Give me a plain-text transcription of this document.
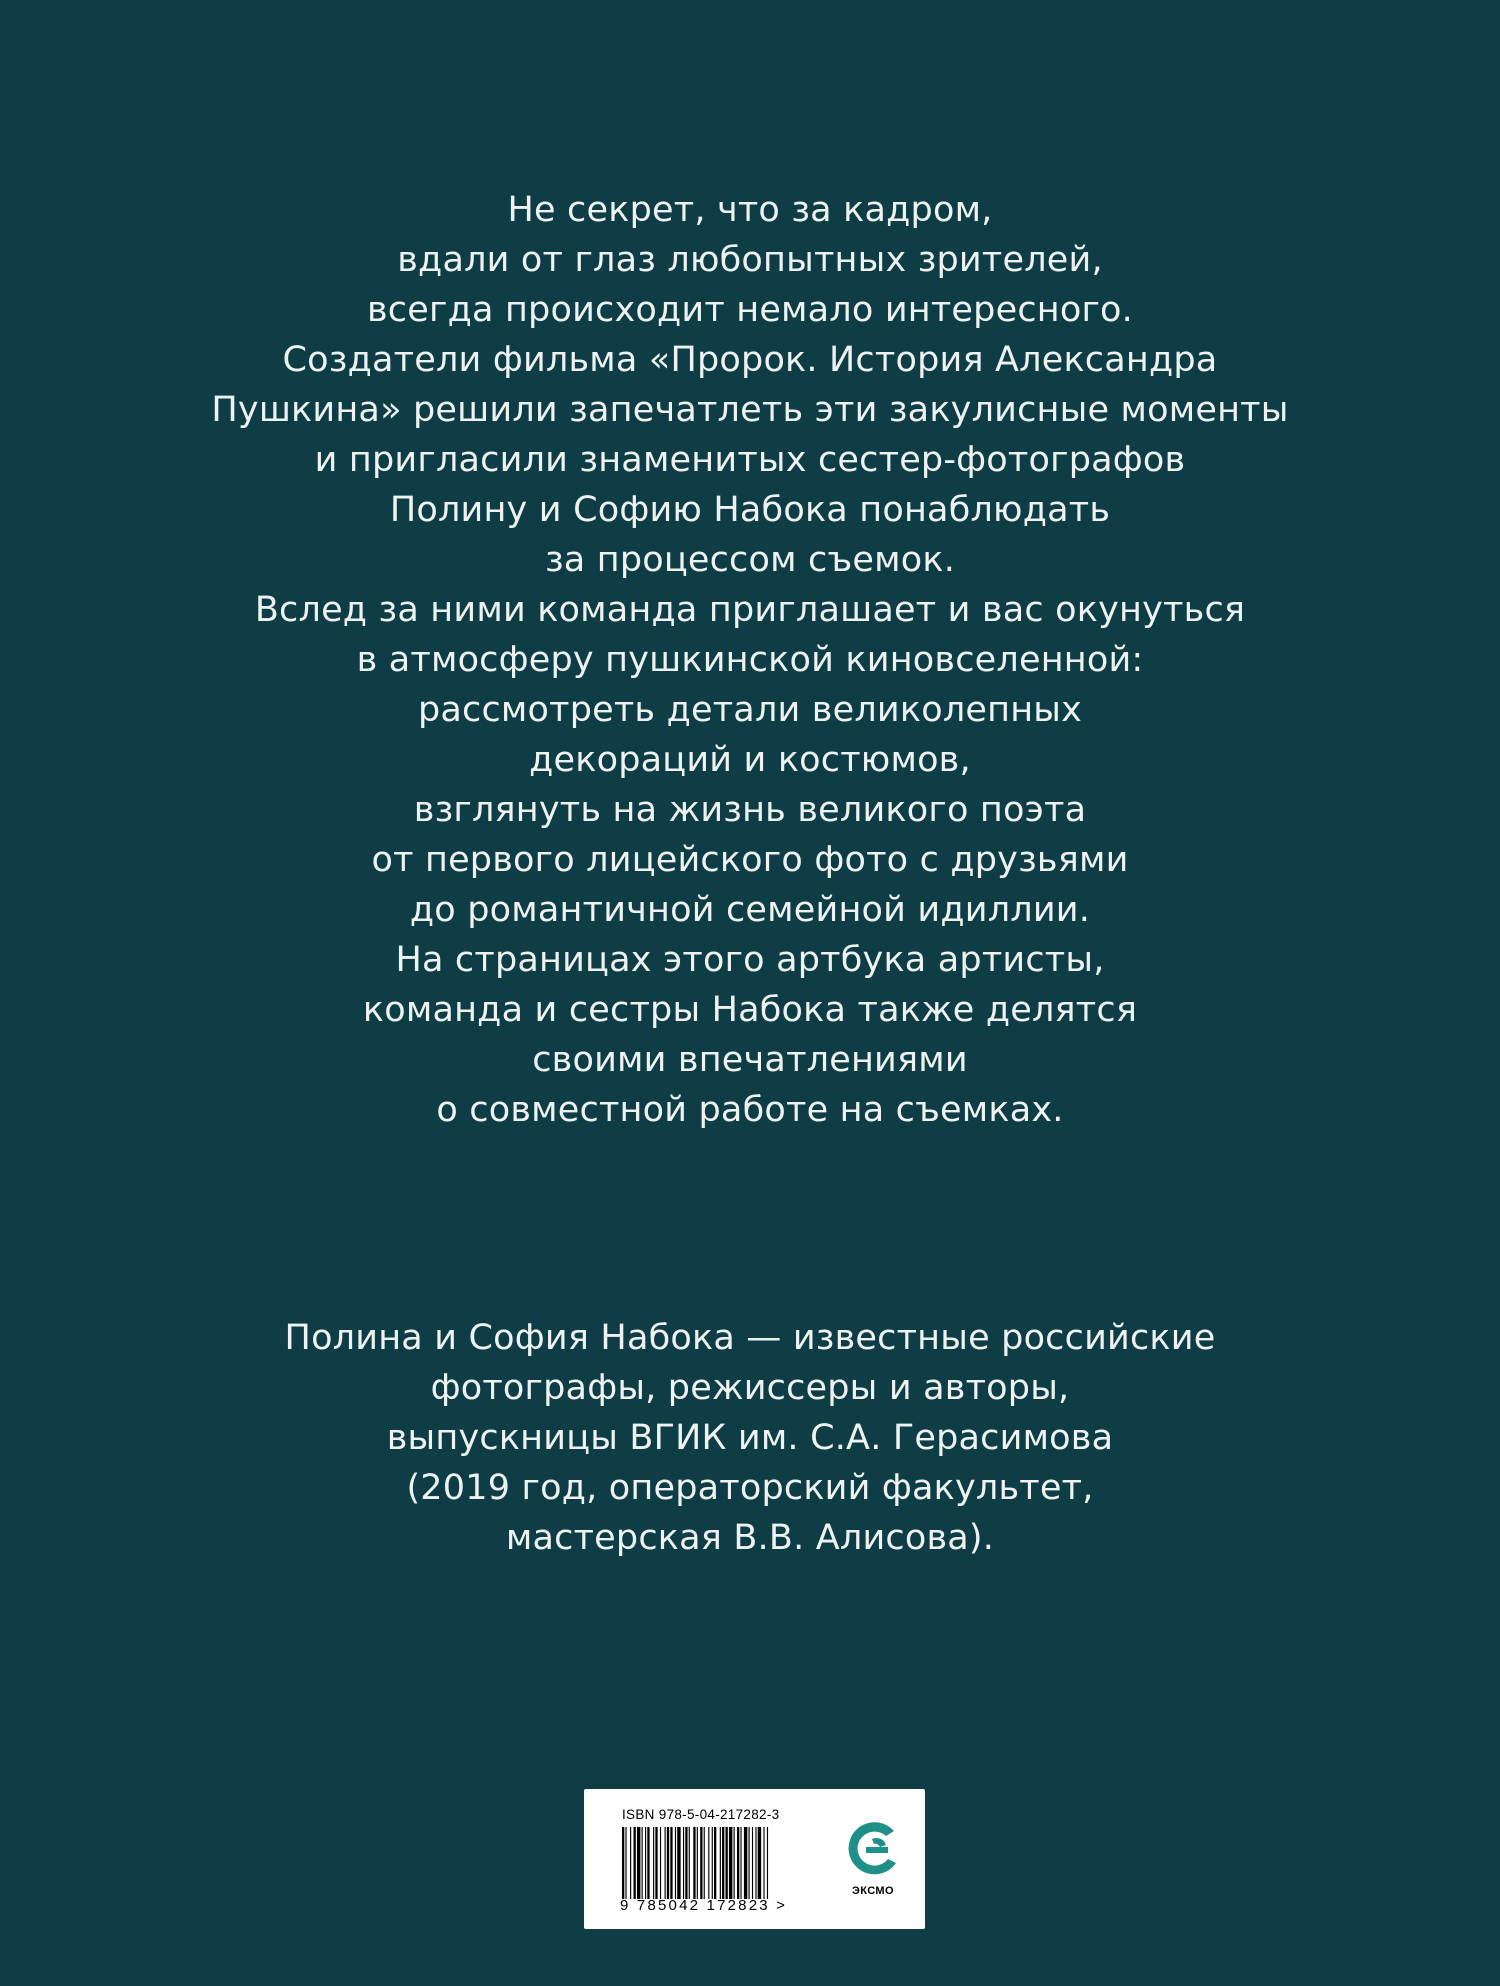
Не секрет, что за кадром,
вдали от глаз любопытных зрителей,
всегда происходит немало интересного.
Создатели фильма «Пророк. История Александра
Пушкина» решили запечатлеть эти закулисные моменты
и пригласили знаменитых сестер-фотографов
Полину и Софию Набока понаблюдать
за процессом съемок.
Вслед за ними команда приглашает и вас окунуться
в атмосферу пушкинской киновселенной:
рассмотреть детали великолепных
декораций и костюмов,
взглянуть на жизнь великого поэта
от первого лицейского фото с друзьями
до романтичной семейной идиллии.
На страницах этого артбука артисты,
команда и сестры Набока также делятся
своими впечатлениями
о совместной работе на съемках.
Полина и София Набока — известные российские
фотографы, режиссеры и авторы,
выпускницы ВГИК им. С.А. Герасимова
(2019 год, операторский факультет,
мастерская В.В. Алисова).
ISBN 978-5-04-217282-3
9 785042 172823 >
ЭКСМО
